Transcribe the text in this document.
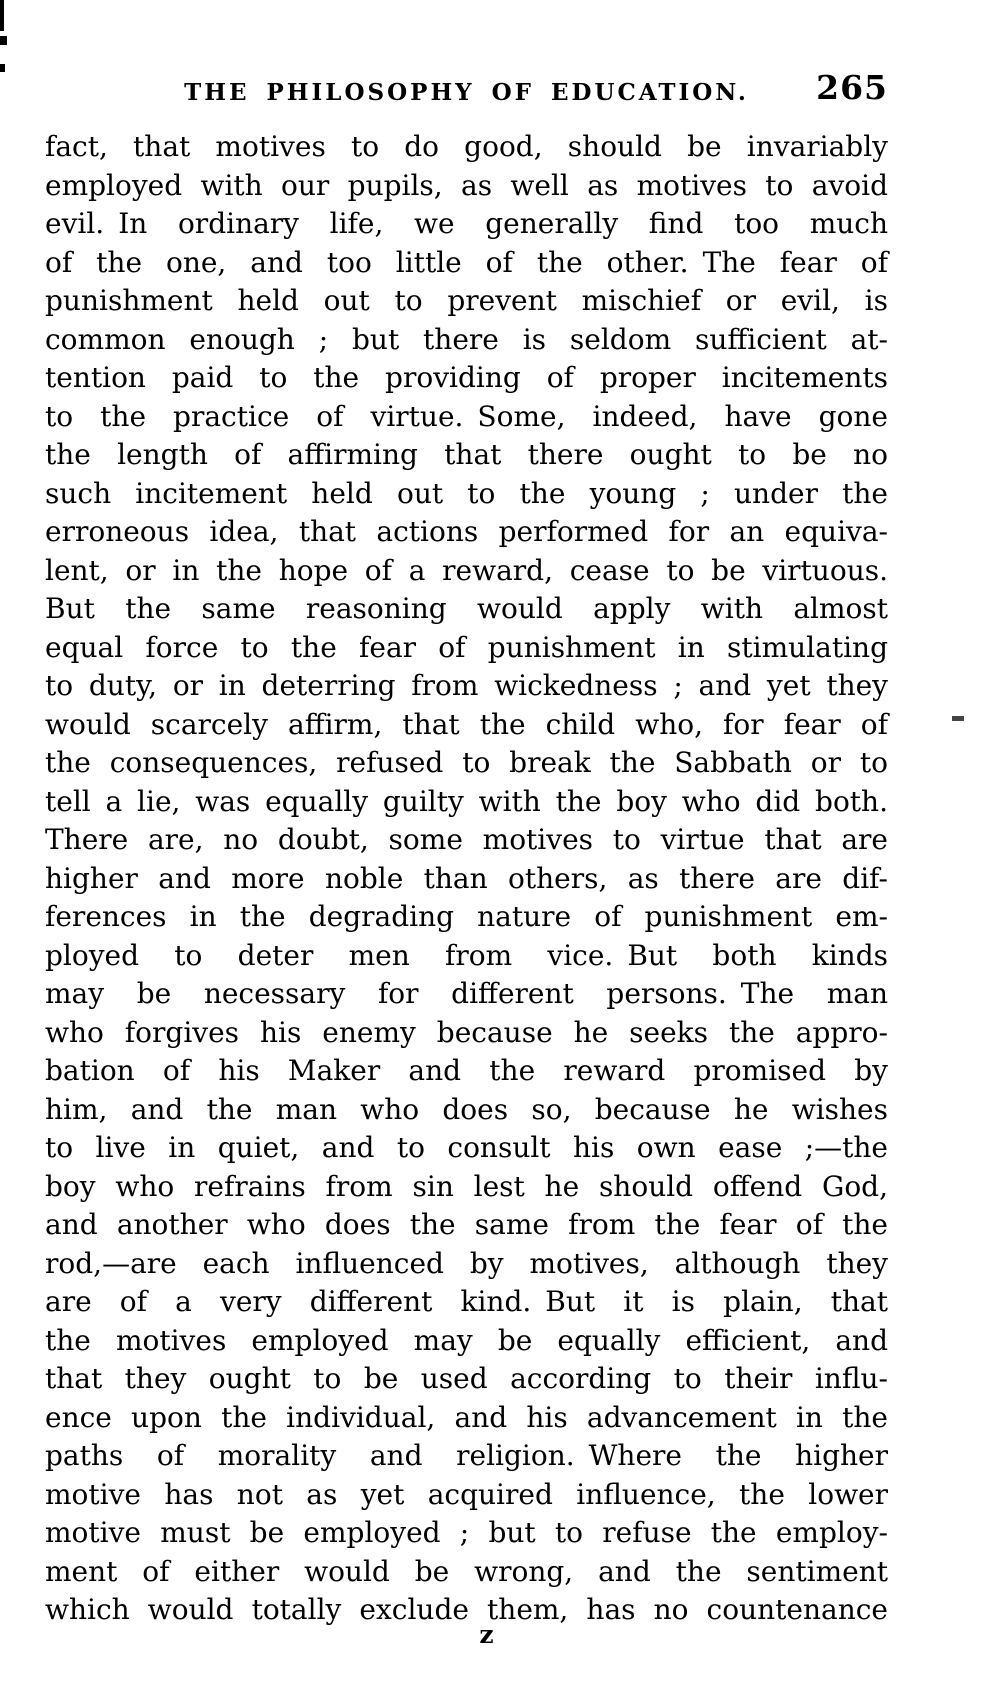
THE PHILOSOPHY OF EDUCATION.	265
fact, that motives to do good, should be invariably
employed with our pupils, as well as motives to avoid
evil. In ordinary life, we generally find too much
of the one, and too little of the other. The fear of
punishment held out to prevent mischief or evil, is
common enough ; but there is seldom sufficient at-
tention paid to the providing of proper incitements
to the practice of virtue. Some, indeed, have gone
the length of affirming that there ought to be no
such incitement held out to the young ; under the
erroneous idea, that actions performed for an equiva-
lent, or in the hope of a reward, cease to be virtuous.
But the same reasoning would apply with almost
equal force to the fear of punishment in stimulating
to duty, or in deterring from wickedness ; and yet they
would scarcely affirm, that the child who, for fear of
the consequences, refused to break the Sabbath or to
tell a lie, was equally guilty with the boy who did both.
There are, no doubt, some motives to virtue that are
higher and more noble than others, as there are dif-
ferences in the degrading nature of punishment em-
ployed to deter men from vice. But both kinds
may be necessary for different persons. The man
who forgives his enemy because he seeks the appro-
bation of his Maker and the reward promised by
him, and the man who does so, because he wishes
to live in quiet, and to consult his own ease ;—the
boy who refrains from sin lest he should offend God,
and another who does the same from the fear of the
rod,—are each influenced by motives, although they
are of a very different kind. But it is plain, that
the motives employed may be equally efficient, and
that they ought to be used according to their influ-
ence upon the individual, and his advancement in the
paths of morality and religion. Where the higher
motive has not as yet acquired influence, the lower
motive must be employed ; but to refuse the employ-
ment of either would be wrong, and the sentiment
which would totally exclude them, has no countenance
z
